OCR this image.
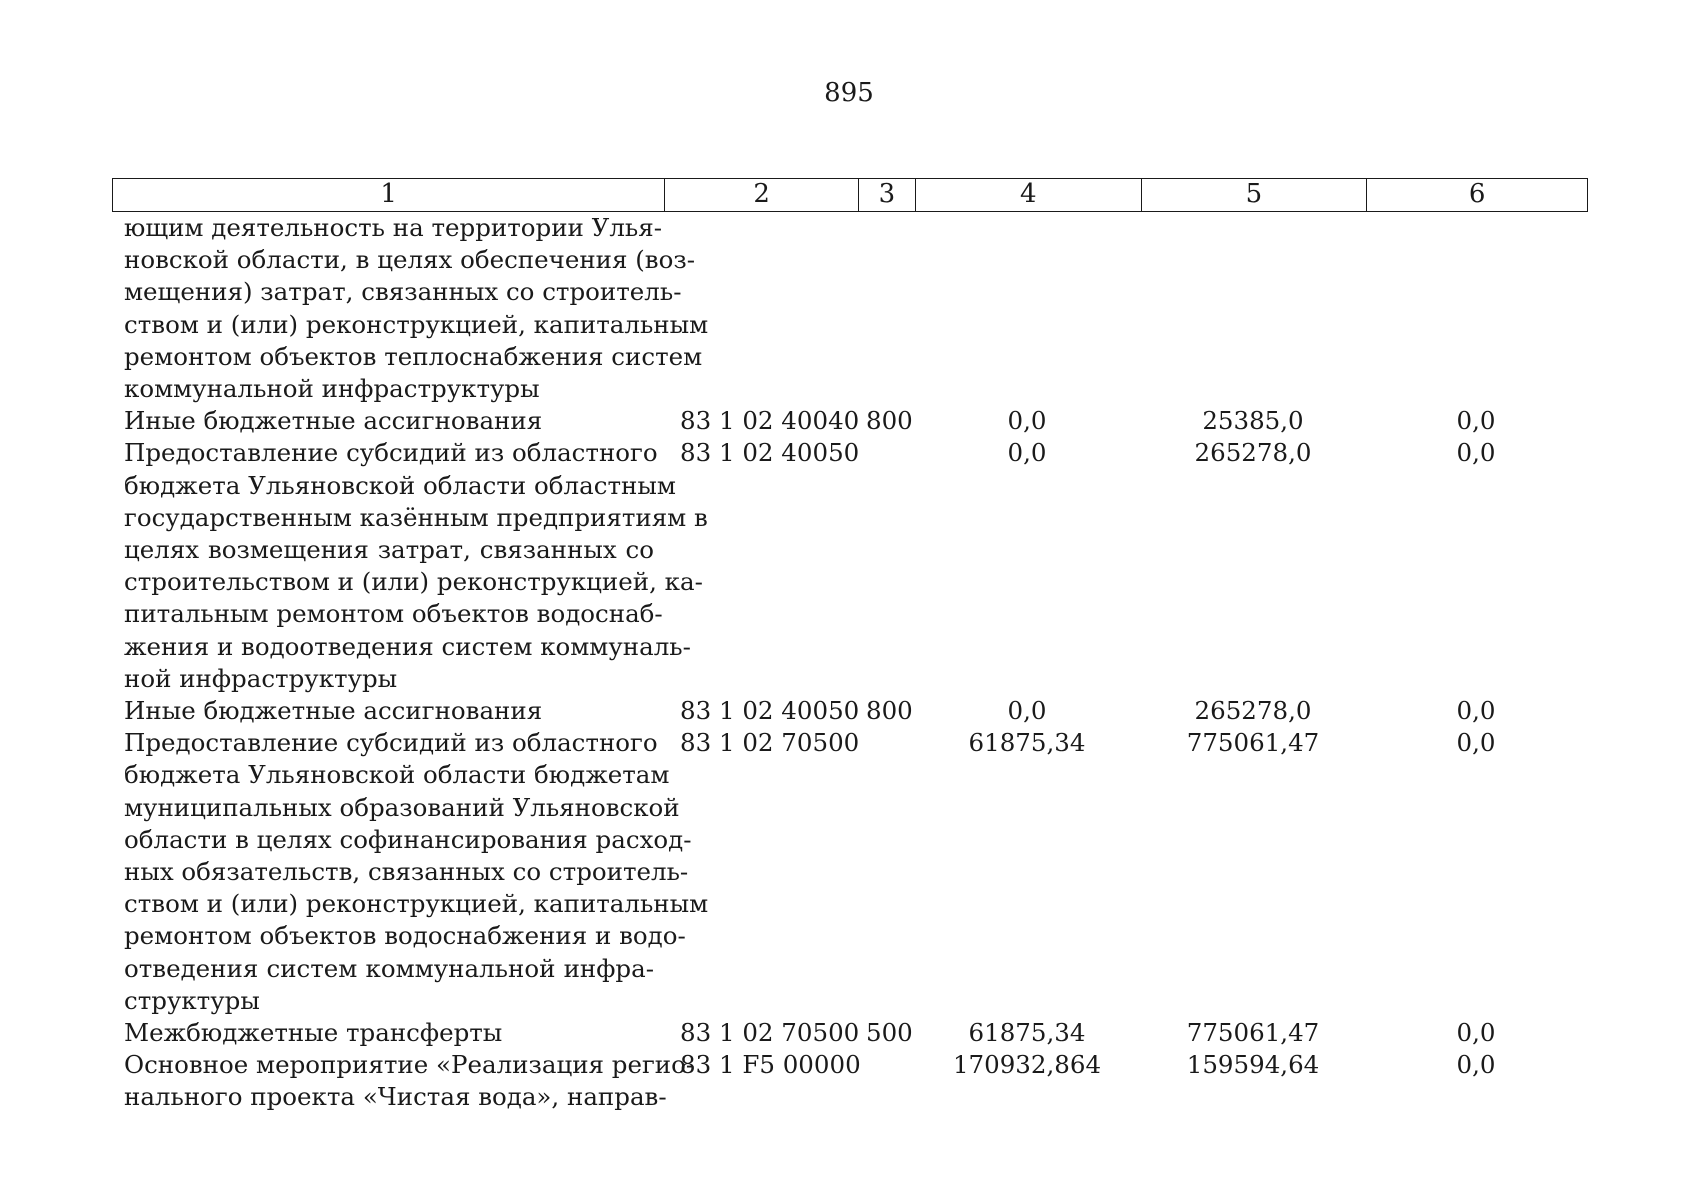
895
1	2	3	4	5	6
ющим деятельность на территории Улья-
новской области, в целях обеспечения (воз-
мещения) затрат, связанных со строитель-
ством и (или) реконструкцией, капитальным
ремонтом объектов теплоснабжения систем
коммунальной инфраструктуры
Иные бюджетные ассигнования	83 1 02 40040 800	0,0	25385,0	0,0
Предоставление субсидий из областного
бюджета Ульяновской области областным
государственным казённым предприятиям в
целях возмещения затрат, связанных со
строительством и (или) реконструкцией, ка-
питальным ремонтом объектов водоснаб-
жения и водоотведения систем коммуналь-
ной инфраструктуры
83 1 02 40050	0,0	265278,0	0,0
Иные бюджетные ассигнования	83 1 02 40050 800	0,0	265278,0	0,0
Предоставление субсидий из областного
бюджета Ульяновской области бюджетам
муниципальных образований Ульяновской
области в целях софинансирования расход-
ных обязательств, связанных со строитель-
ством и (или) реконструкцией, капитальным
ремонтом объектов водоснабжения и водо-
отведения систем коммунальной инфра-
структуры
83 1 02 70500	61875,34	775061,47	0,0
Межбюджетные трансферты	83 1 02 70500 500	61875,34	775061,47	0,0
Основное мероприятие «Реализация регио-
нального проекта «Чистая вода», направ-
83 1 F5 00000	170932,864	159594,64	0,0
